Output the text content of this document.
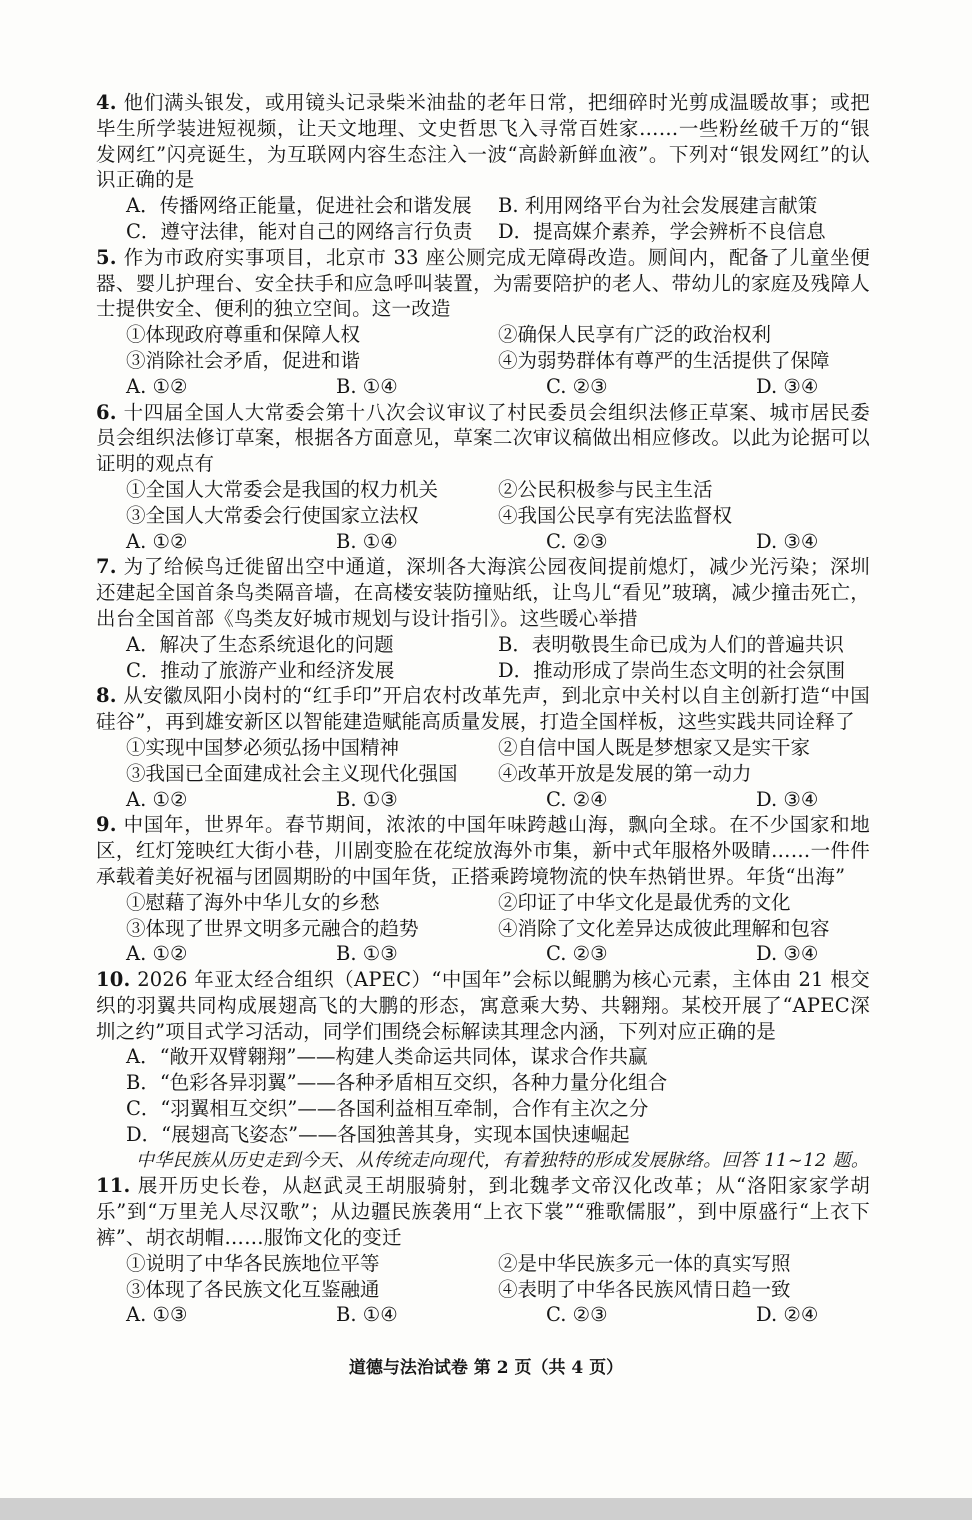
4. 他们满头银发，或用镜头记录柴米油盐的老年日常，把细碎时光剪成温暖故事；或把毕生所学装进短视频，让天文地理、文史哲思飞入寻常百姓家……一些粉丝破千万的“银发网红”闪亮诞生，为互联网内容生态注入一波“高龄新鲜血液”。下列对“银发网红”的认识正确的是
A．传播网络正能量，促进社会和谐发展	B. 利用网络平台为社会发展建言献策
C．遵守法律，能对自己的网络言行负责	D．提高媒介素养，学会辨析不良信息
5. 作为市政府实事项目，北京市 33 座公厕完成无障碍改造。厕间内，配备了儿童坐便器、婴儿护理台、安全扶手和应急呼叫装置，为需要陪护的老人、带幼儿的家庭及残障人士提供安全、便利的独立空间。这一改造
①体现政府尊重和保障人权	②确保人民享有广泛的政治权利
③消除社会矛盾，促进和谐	④为弱势群体有尊严的生活提供了保障
A. ①②	B. ①④	C. ②③	D. ③④
6. 十四届全国人大常委会第十八次会议审议了村民委员会组织法修正草案、城市居民委员会组织法修订草案，根据各方面意见，草案二次审议稿做出相应修改。以此为论据可以证明的观点有
①全国人大常委会是我国的权力机关	②公民积极参与民主生活
③全国人大常委会行使国家立法权	④我国公民享有宪法监督权
A. ①②	B. ①④	C. ②③	D. ③④
7. 为了给候鸟迁徙留出空中通道，深圳各大海滨公园夜间提前熄灯，减少光污染；深圳还建起全国首条鸟类隔音墙，在高楼安装防撞贴纸，让鸟儿“看见”玻璃，减少撞击死亡，出台全国首部《鸟类友好城市规划与设计指引》。这些暖心举措
A．解决了生态系统退化的问题	B．表明敬畏生命已成为人们的普遍共识
C．推动了旅游产业和经济发展	D．推动形成了崇尚生态文明的社会氛围
8. 从安徽凤阳小岗村的“红手印”开启农村改革先声，到北京中关村以自主创新打造“中国硅谷”，再到雄安新区以智能建造赋能高质量发展，打造全国样板，这些实践共同诠释了
①实现中国梦必须弘扬中国精神	②自信中国人既是梦想家又是实干家
③我国已全面建成社会主义现代化强国	④改革开放是发展的第一动力
A. ①②	B. ①③	C. ②④	D. ③④
9. 中国年，世界年。春节期间，浓浓的中国年味跨越山海，飘向全球。在不少国家和地区，红灯笼映红大街小巷，川剧变脸在花绽放海外市集，新中式年服格外吸睛……一件件承载着美好祝福与团圆期盼的中国年货，正搭乘跨境物流的快车热销世界。年货“出海”
①慰藉了海外中华儿女的乡愁	②印证了中华文化是最优秀的文化
③体现了世界文明多元融合的趋势	④消除了文化差异达成彼此理解和包容
A. ①②	B. ①③	C. ②③	D. ③④
10. 2026 年亚太经合组织（APEC）“中国年”会标以鲲鹏为核心元素，主体由 21 根交织的羽翼共同构成展翅高飞的大鹏的形态，寓意乘大势、共翱翔。某校开展了“APEC深圳之约”项目式学习活动，同学们围绕会标解读其理念内涵，下列对应正确的是
A．“敞开双臂翱翔”——构建人类命运共同体，谋求合作共赢
B．“色彩各异羽翼”——各种矛盾相互交织，各种力量分化组合
C．“羽翼相互交织”——各国利益相互牵制，合作有主次之分
D．“展翅高飞姿态”——各国独善其身，实现本国快速崛起
中华民族从历史走到今天、从传统走向现代，有着独特的形成发展脉络。回答 11~12 题。
11. 展开历史长卷，从赵武灵王胡服骑射，到北魏孝文帝汉化改革；从“洛阳家家学胡乐”到“万里羌人尽汉歌”；从边疆民族袭用“上衣下裳”“雅歌儒服”，到中原盛行“上衣下裤”、胡衣胡帽……服饰文化的变迁
①说明了中华各民族地位平等	②是中华民族多元一体的真实写照
③体现了各民族文化互鉴融通	④表明了中华各民族风情日趋一致
A. ①③	B. ①④	C. ②③	D. ②④
道德与法治试卷 第 2 页（共 4 页）
